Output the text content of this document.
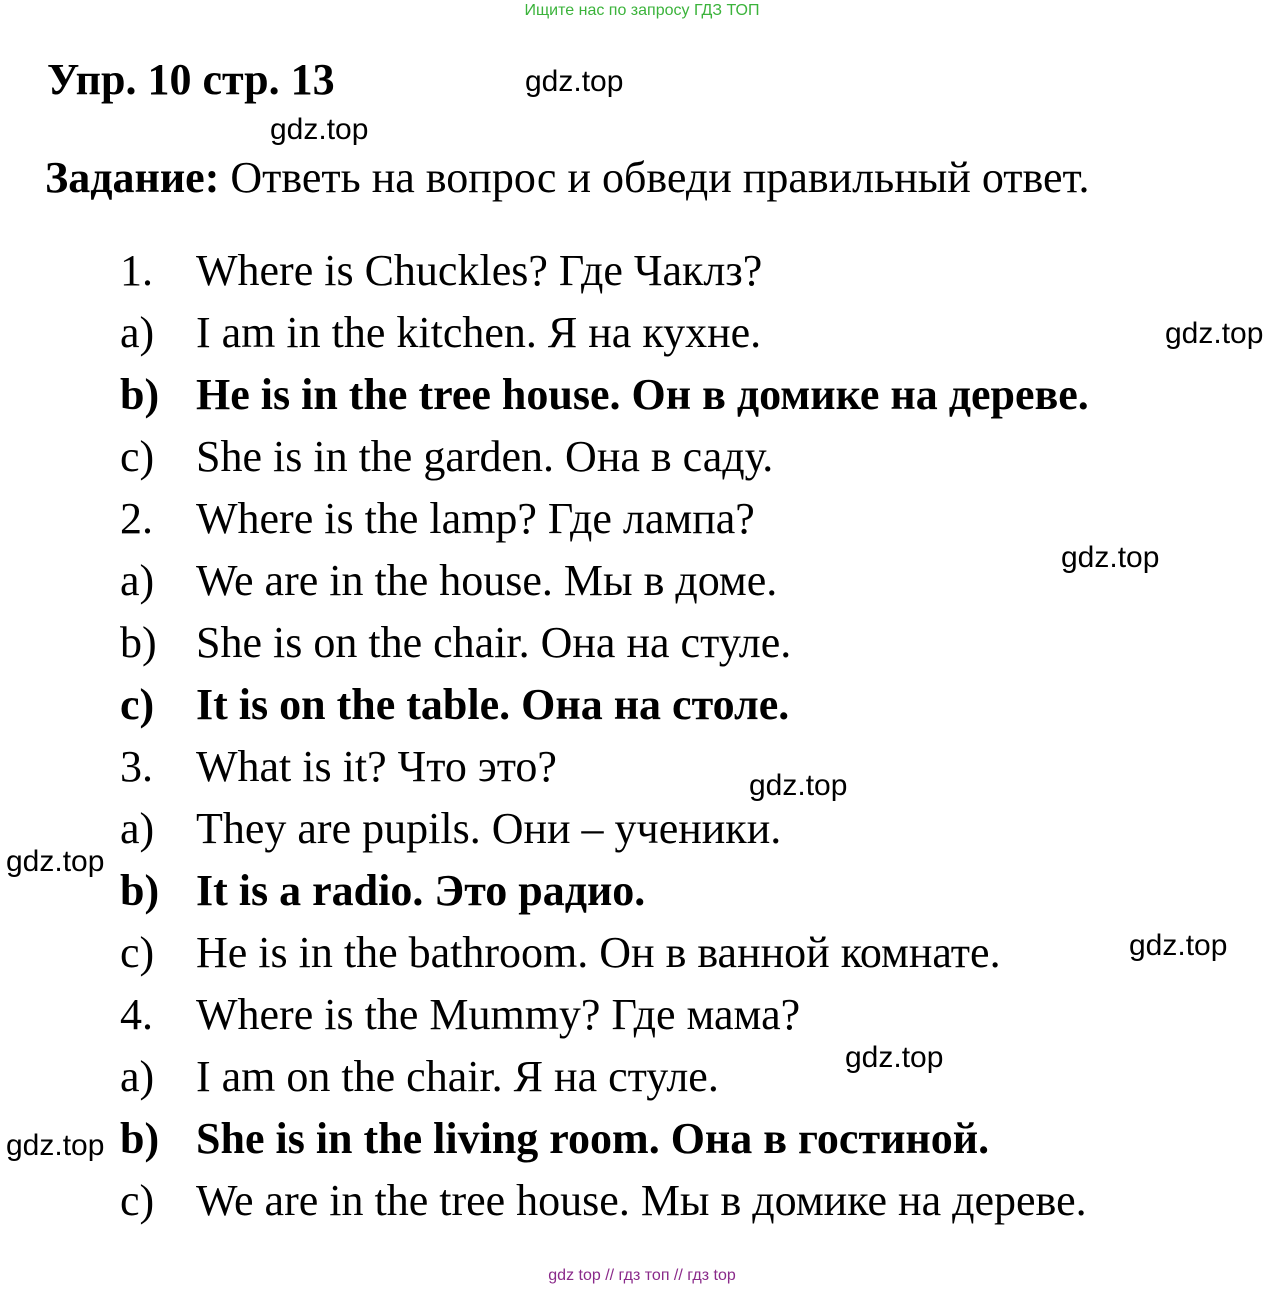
Ищите нас по запросу ГДЗ ТОП
Упр. 10 стр. 13
Задание: Ответь на вопрос и обведи правильный ответ.
1. Where is Chuckles? Где Чаклз?
a) I am in the kitchen. Я на кухне.
b) He is in the tree house. Он в домике на дереве.
c) She is in the garden. Она в саду.
2. Where is the lamp? Где лампа?
a) We are in the house. Мы в доме.
b) She is on the chair. Она на стуле.
c) It is on the table. Она на столе.
3. What is it? Что это?
a) They are pupils. Они – ученики.
b) It is a radio. Это радио.
c) He is in the bathroom. Он в ванной комнате.
4. Where is the Mummy? Где мама?
a) I am on the chair. Я на стуле.
b) She is in the living room. Она в гостиной.
c) We are in the tree house. Мы в домике на дереве.
gdz.top
gdz.top
gdz.top
gdz.top
gdz.top
gdz.top
gdz.top
gdz.top
gdz.top
gdz top // гдз топ // гдз top
